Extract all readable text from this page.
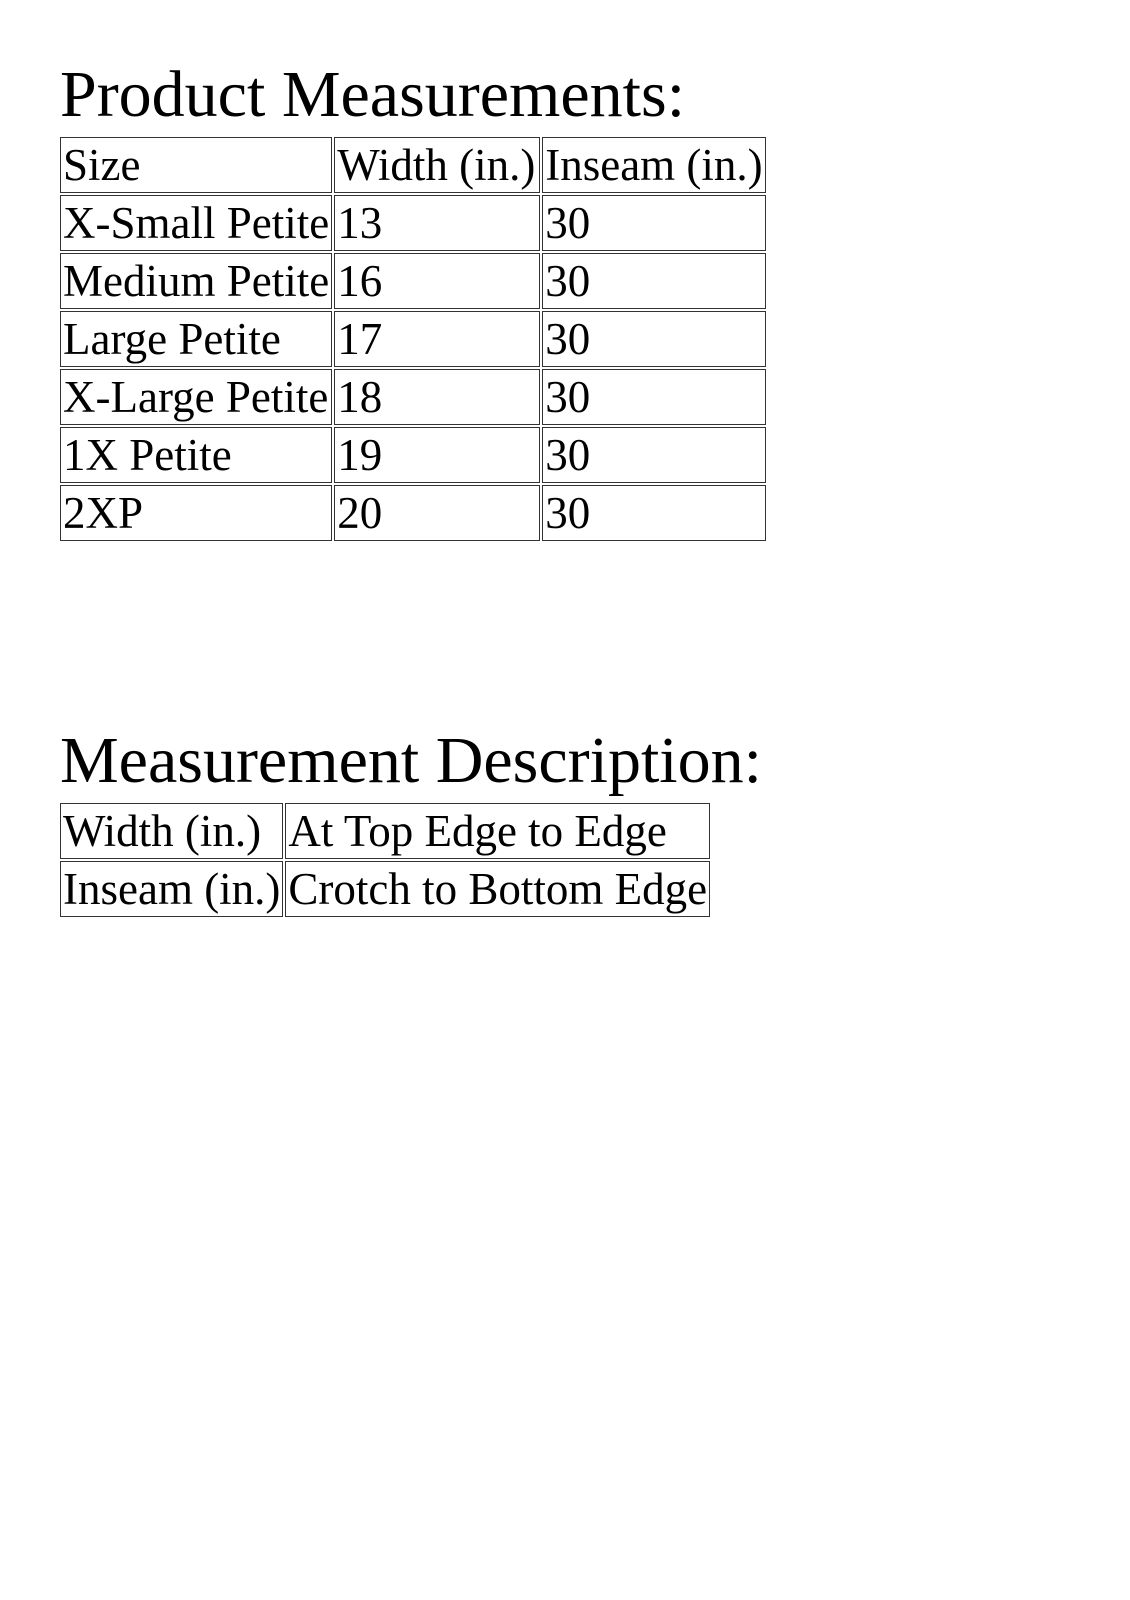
Product Measurements:
Size	Width (in.)	Inseam (in.)
X-Small Petite	13	30
Medium Petite	16	30
Large Petite	17	30
X-Large Petite	18	30
1X Petite	19	30
2XP	20	30
Measurement Description:
Width (in.)	At Top Edge to Edge
Inseam (in.)	Crotch to Bottom Edge
